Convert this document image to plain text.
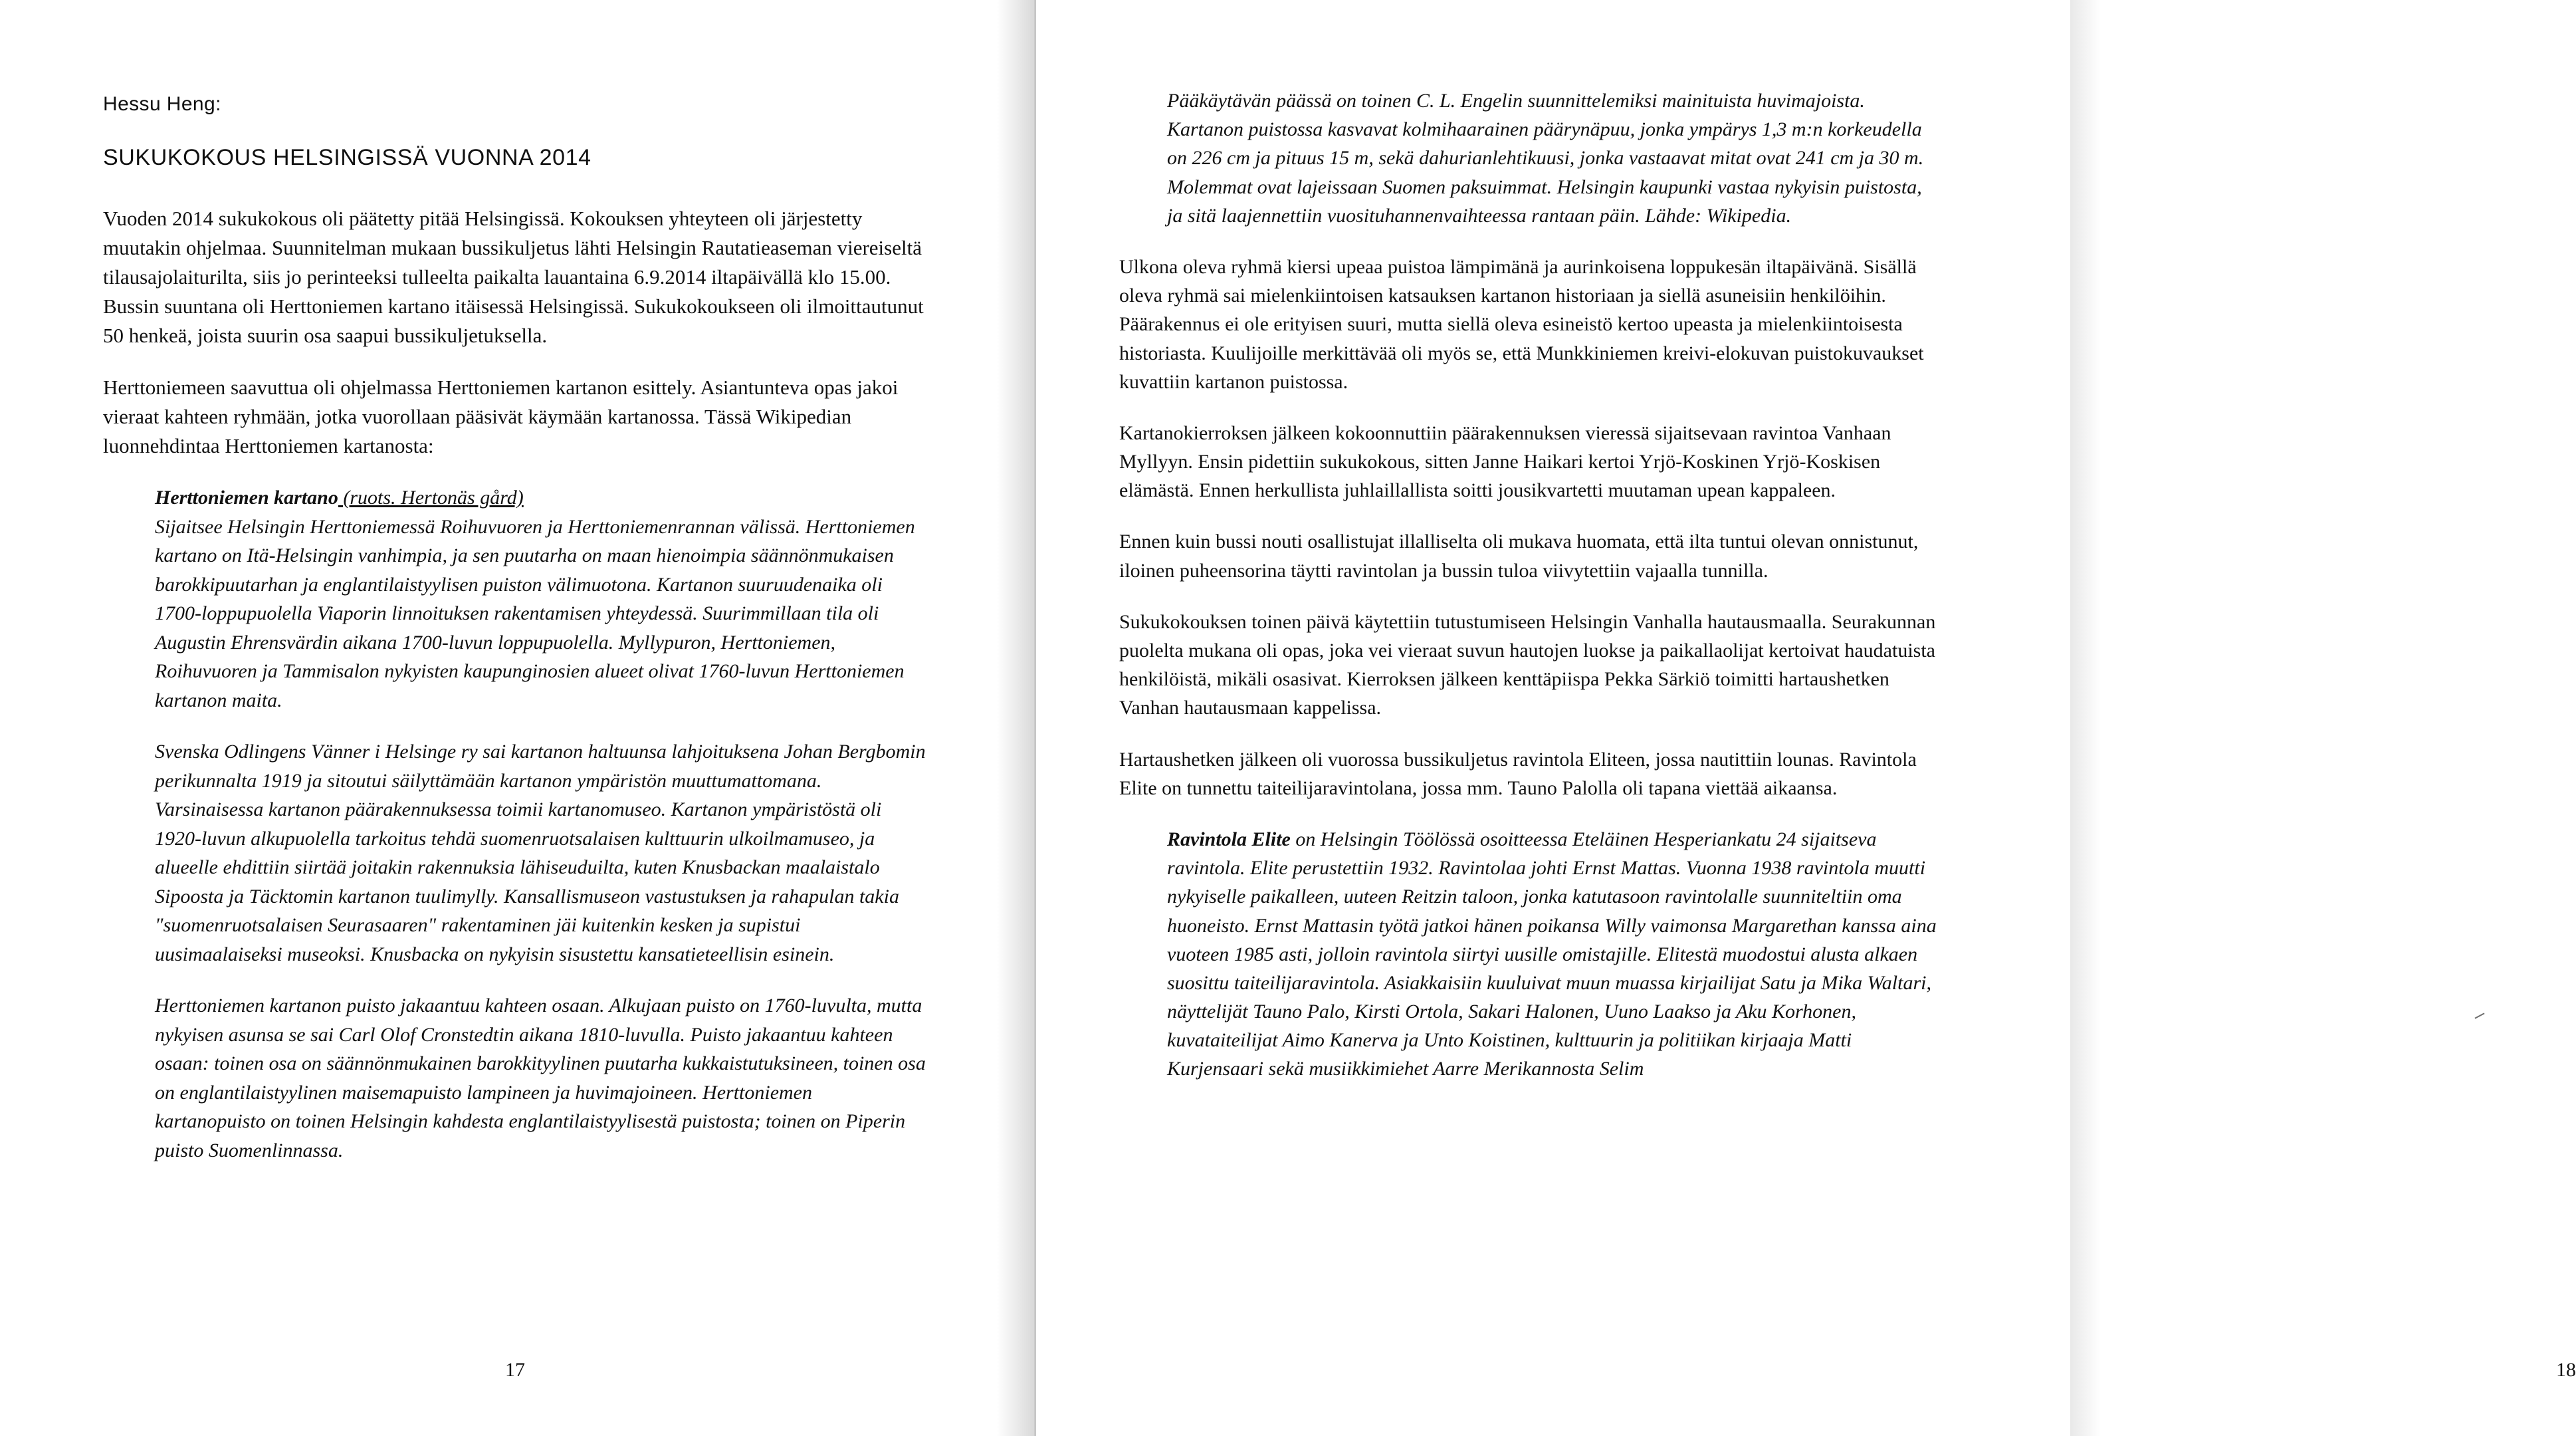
Hessu Heng:
SUKUKOKOUS HELSINGISSÄ VUONNA 2014

Vuoden 2014 sukukokous oli päätetty pitää Helsingissä. Kokouksen yhteyteen oli järjestetty muutakin ohjelmaa. Suunnitelman mukaan bussikuljetus lähti Helsingin Rautatieaseman viereiseltä tilausajolaiturilta, siis jo perinteeksi tulleelta paikalta lauantaina 6.9.2014 iltapäivällä klo 15.00. Bussin suuntana oli Herttoniemen kartano itäisessä Helsingissä. Sukukokoukseen oli ilmoittautunut 50 henkeä, joista suurin osa saapui bussikuljetuksella.

Herttoniemeen saavuttua oli ohjelmassa Herttoniemen kartanon esittely. Asiantunteva opas jakoi vieraat kahteen ryhmään, jotka vuorollaan pääsivät käymään kartanossa. Tässä Wikipedian luonnehdintaa Herttoniemen kartanosta:

Herttoniemen kartano (ruots. Hertonäs gård)
Sijaitsee Helsingin Herttoniemessä Roihuvuoren ja Herttoniemenrannan välissä. Herttoniemen kartano on Itä-Helsingin vanhimpia, ja sen puutarha on maan hienoimpia säännönmukaisen barokkipuutarhan ja englantilaistyylisen puiston välimuotona. Kartanon suuruudenaika oli 1700-loppupuolella Viaporin linnoituksen rakentamisen yhteydessä. Suurimmillaan tila oli Augustin Ehrensvärdin aikana 1700-luvun loppupuolella. Myllypuron, Herttoniemen, Roihuvuoren ja Tammisalon nykyisten kaupunginosien alueet olivat 1760-luvun Herttoniemen kartanon maita.
Svenska Odlingens Vänner i Helsinge ry sai kartanon haltuunsa lahjoituksena Johan Bergbomin perikunnalta 1919 ja sitoutui säilyttämään kartanon ympäristön muuttumattomana. Varsinaisessa kartanon päärakennuksessa toimii kartanomuseo. Kartanon ympäristöstä oli 1920-luvun alkupuolella tarkoitus tehdä suomenruotsalaisen kulttuurin ulkoilmamuseo, ja alueelle ehdittiin siirtää joitakin rakennuksia lähiseuduilta, kuten Knusbackan maalaistalo Sipoosta ja Täcktomin kartanon tuulimylly. Kansallismuseon vastustuksen ja rahapulan takia "suomenruotsalaisen Seurasaaren" rakentaminen jäi kuitenkin kesken ja supistui uusimaalaiseksi museoksi. Knusbacka on nykyisin sisustettu kansatieteellisin esinein.
Herttoniemen kartanon puisto jakaantuu kahteen osaan. Alkujaan puisto on 1760-luvulta, mutta nykyisen asunsa se sai Carl Olof Cronstedtin aikana 1810-luvulla. Puisto jakaantuu kahteen osaan: toinen osa on säännönmukainen barokkityylinen puutarha kukkaistutuksineen, toinen osa on englantilaistyylinen maisemapuisto lampineen ja huvimajoineen. Herttoniemen kartanopuisto on toinen Helsingin kahdesta englantilaistyylisestä puistosta; toinen on Piperin puisto Suomenlinnassa.
17
Pääkäytävän päässä on toinen C. L. Engelin suunnittelemiksi mainituista huvimajoista. Kartanon puistossa kasvavat kolmihaarainen päärynäpuu, jonka ympärys 1,3 m:n korkeudella on 226 cm ja pituus 15 m, sekä dahurianlehtikuusi, jonka vastaavat mitat ovat 241 cm ja 30 m. Molemmat ovat lajeissaan Suomen paksuimmat. Helsingin kaupunki vastaa nykyisin puistosta, ja sitä laajennettiin vuosituhannenvaihteessa rantaan päin. Lähde: Wikipedia.

Ulkona oleva ryhmä kiersi upeaa puistoa lämpimänä ja aurinkoisena loppukesän iltapäivänä. Sisällä oleva ryhmä sai mielenkiintoisen katsauksen kartanon historiaan ja siellä asuneisiin henkilöihin. Päärakennus ei ole erityisen suuri, mutta siellä oleva esineistö kertoo upeasta ja mielenkiintoisesta historiasta. Kuulijoille merkittävää oli myös se, että Munkkiniemen kreivi-elokuvan puistokuvaukset kuvattiin kartanon puistossa.

Kartanokierroksen jälkeen kokoonnuttiin päärakennuksen vieressä sijaitsevaan ravintoa Vanhaan Myllyyn. Ensin pidettiin sukukokous, sitten Janne Haikari kertoi Yrjö-Koskinen Yrjö-Koskisen elämästä. Ennen herkullista juhlaillallista soitti jousikvartetti muutaman upean kappaleen.

Ennen kuin bussi nouti osallistujat illalliselta oli mukava huomata, että ilta tuntui olevan onnistunut, iloinen puheensorina täytti ravintolan ja bussin tuloa viivytettiin vajaalla tunnilla.

Sukukokouksen toinen päivä käytettiin tutustumiseen Helsingin Vanhalla hautausmaalla. Seurakunnan puolelta mukana oli opas, joka vei vieraat suvun hautojen luokse ja paikallaolijat kertoivat haudatuista henkilöistä, mikäli osasivat. Kierroksen jälkeen kenttäpiispa Pekka Särkiö toimitti hartaushetken Vanhan hautausmaan kappelissa.

Hartaushetken jälkeen oli vuorossa bussikuljetus ravintola Eliteen, jossa nautittiin lounas. Ravintola Elite on tunnettu taiteilijaravintolana, jossa mm. Tauno Palolla oli tapana viettää aikaansa.

Ravintola Elite on Helsingin Töölössä osoitteessa Eteläinen Hesperiankatu 24 sijaitseva ravintola. Elite perustettiin 1932. Ravintolaa johti Ernst Mattas. Vuonna 1938 ravintola muutti nykyiselle paikalleen, uuteen Reitzin taloon, jonka katutasoon ravintolalle suunniteltiin oma huoneisto. Ernst Mattasin työtä jatkoi hänen poikansa Willy vaimonsa Margarethan kanssa aina vuoteen 1985 asti, jolloin ravintola siirtyi uusille omistajille. Elitestä muodostui alusta alkaen suosittu taiteilijaravintola. Asiakkaisiin kuuluivat muun muassa kirjailijat Satu ja Mika Waltari, näyttelijät Tauno Palo, Kirsti Ortola, Sakari Halonen, Uuno Laakso ja Aku Korhonen, kuvataiteilijat Aimo Kanerva ja Unto Koistinen, kulttuurin ja politiikan kirjaaja Matti Kurjensaari sekä musiikkimiehet Aarre Merikannosta Selim
18
